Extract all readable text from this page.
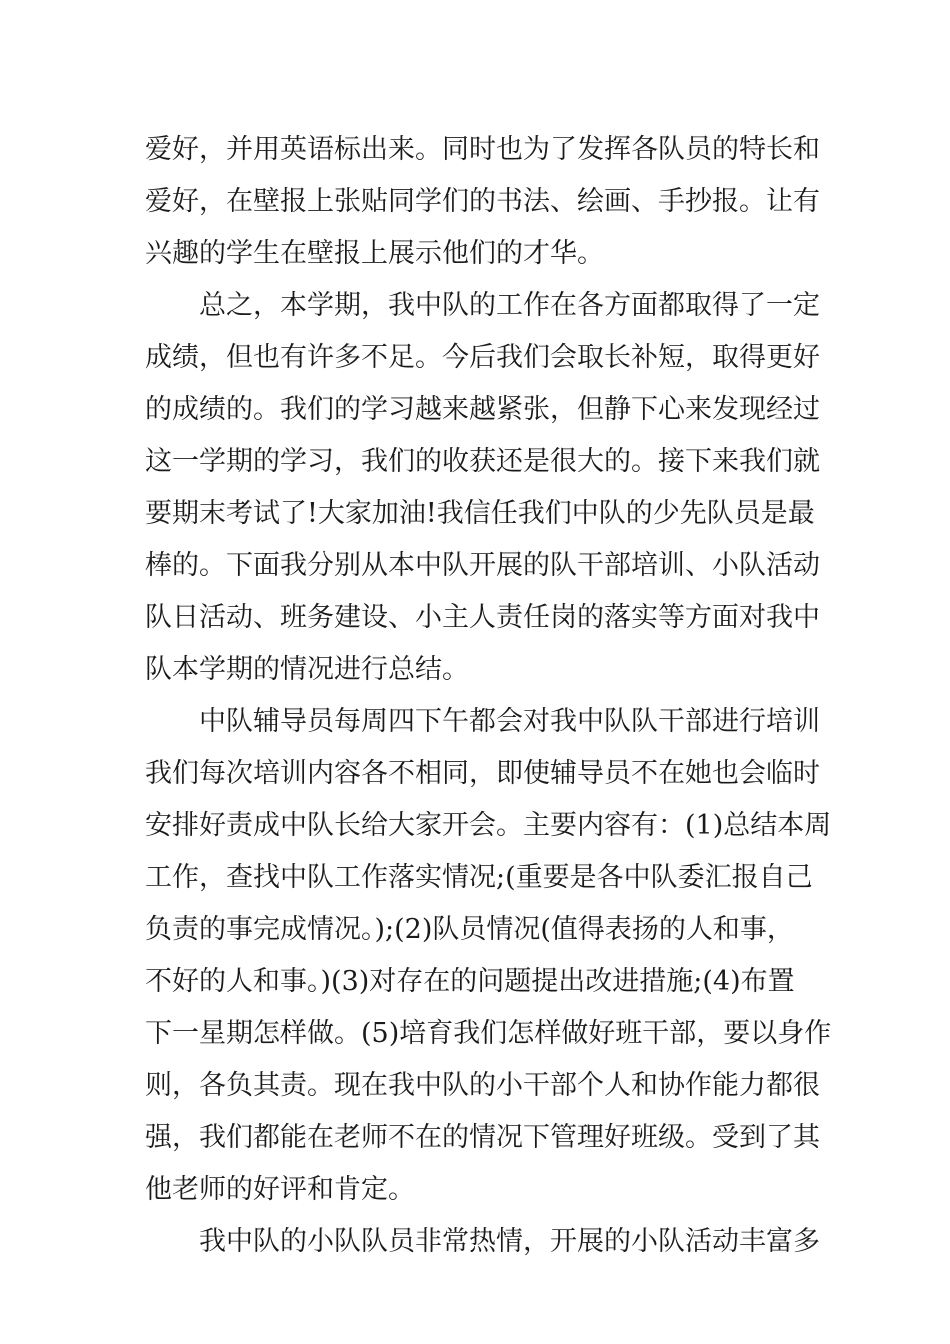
爱好，并用英语标出来。同时也为了发挥各队员的特长和
爱好，在壁报上张贴同学们的书法、绘画、手抄报。让有
兴趣的学生在壁报上展示他们的才华。
总之，本学期，我中队的工作在各方面都取得了一定
成绩，但也有许多不足。今后我们会取长补短，取得更好
的成绩的。我们的学习越来越紧张，但静下心来发现经过
这一学期的学习，我们的收获还是很大的。接下来我们就
要期末考试了!大家加油!我信任我们中队的少先队员是最
棒的。下面我分别从本中队开展的队干部培训、小队活动
队日活动、班务建设、小主人责任岗的落实等方面对我中
队本学期的情况进行总结。
中队辅导员每周四下午都会对我中队队干部进行培训
我们每次培训内容各不相同，即使辅导员不在她也会临时
安排好责成中队长给大家开会。主要内容有：(1)总结本周
工作，查找中队工作落实情况;(重要是各中队委汇报自己
负责的事完成情况。);(2)队员情况(值得表扬的人和事，
不好的人和事。)(3)对存在的问题提出改进措施;(4)布置
下一星期怎样做。(5)培育我们怎样做好班干部，要以身作
则，各负其责。现在我中队的小干部个人和协作能力都很
强，我们都能在老师不在的情况下管理好班级。受到了其
他老师的好评和肯定。
我中队的小队队员非常热情，开展的小队活动丰富多
